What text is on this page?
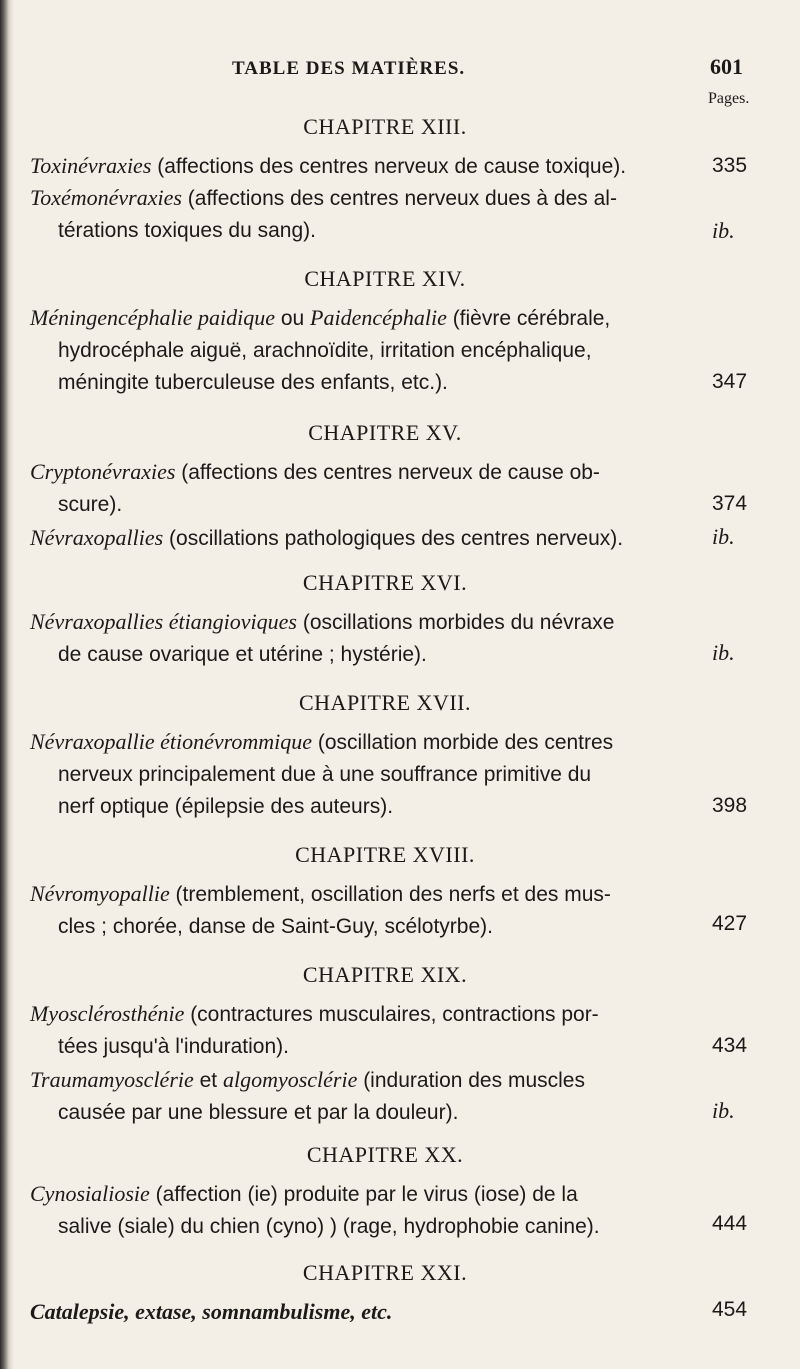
TABLE DES MATIÈRES.	601
Pages.
CHAPITRE XIII.
Toxinévraxies (affections des centres nerveux de cause toxique).	335
Toxémonévraxies (affections des centres nerveux dues à des al-
térations toxiques du sang).	ib.
CHAPITRE XIV.
Méningencéphalie paidique ou Paidencéphalie (fièvre cérébrale,
hydrocéphale aiguë, arachnoïdite, irritation encéphalique,
méningite tuberculeuse des enfants, etc.).	347
CHAPITRE XV.
Cryptonévraxies (affections des centres nerveux de cause ob-
scure).	374
Névraxopallies (oscillations pathologiques des centres nerveux).	ib.
CHAPITRE XVI.
Névraxopallies étiangioviques (oscillations morbides du névraxe
de cause ovarique et utérine ; hystérie).	ib.
CHAPITRE XVII.
Névraxopallie étionévrommique (oscillation morbide des centres
nerveux principalement due à une souffrance primitive du
nerf optique (épilepsie des auteurs).	398
CHAPITRE XVIII.
Névromyopallie (tremblement, oscillation des nerfs et des mus-
cles ; chorée, danse de Saint-Guy, scélotyrbe).	427
CHAPITRE XIX.
Myosclérosthénie (contractures musculaires, contractions por-
tées jusqu'à l'induration).	434
Traumamyosclérie et algomyosclérie (induration des muscles
causée par une blessure et par la douleur).	ib.
CHAPITRE XX.
Cynosialiosie (affection (ie) produite par le virus (iose) de la
salive (siale) du chien (cyno) ) (rage, hydrophobie canine).	444
CHAPITRE XXI.
Catalepsie, extase, somnambulisme, etc.	454
